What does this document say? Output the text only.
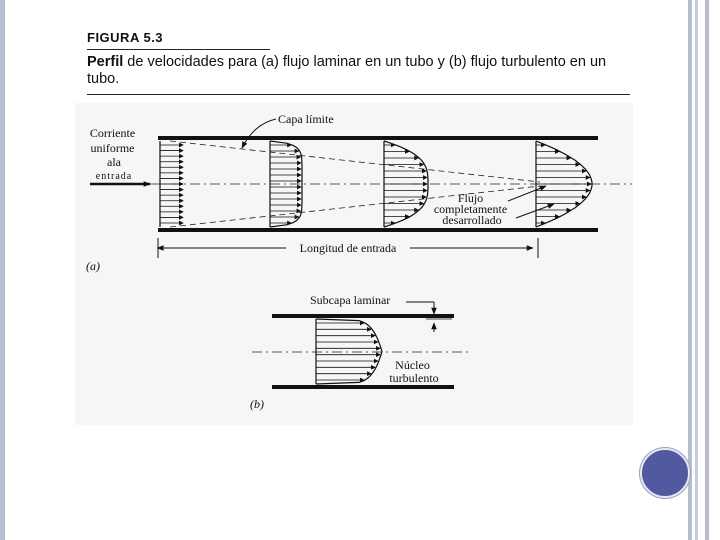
FIGURA 5.3
Perfil de velocidades para (a) flujo laminar en un tubo y (b) flujo turbulento en un tubo.
Corriente uniforme ala
entrada
Capa límite
Flujo completamente desarrollado
Longitud de entrada
(a)
Subcapa laminar
Núcleo turbulento
(b)
